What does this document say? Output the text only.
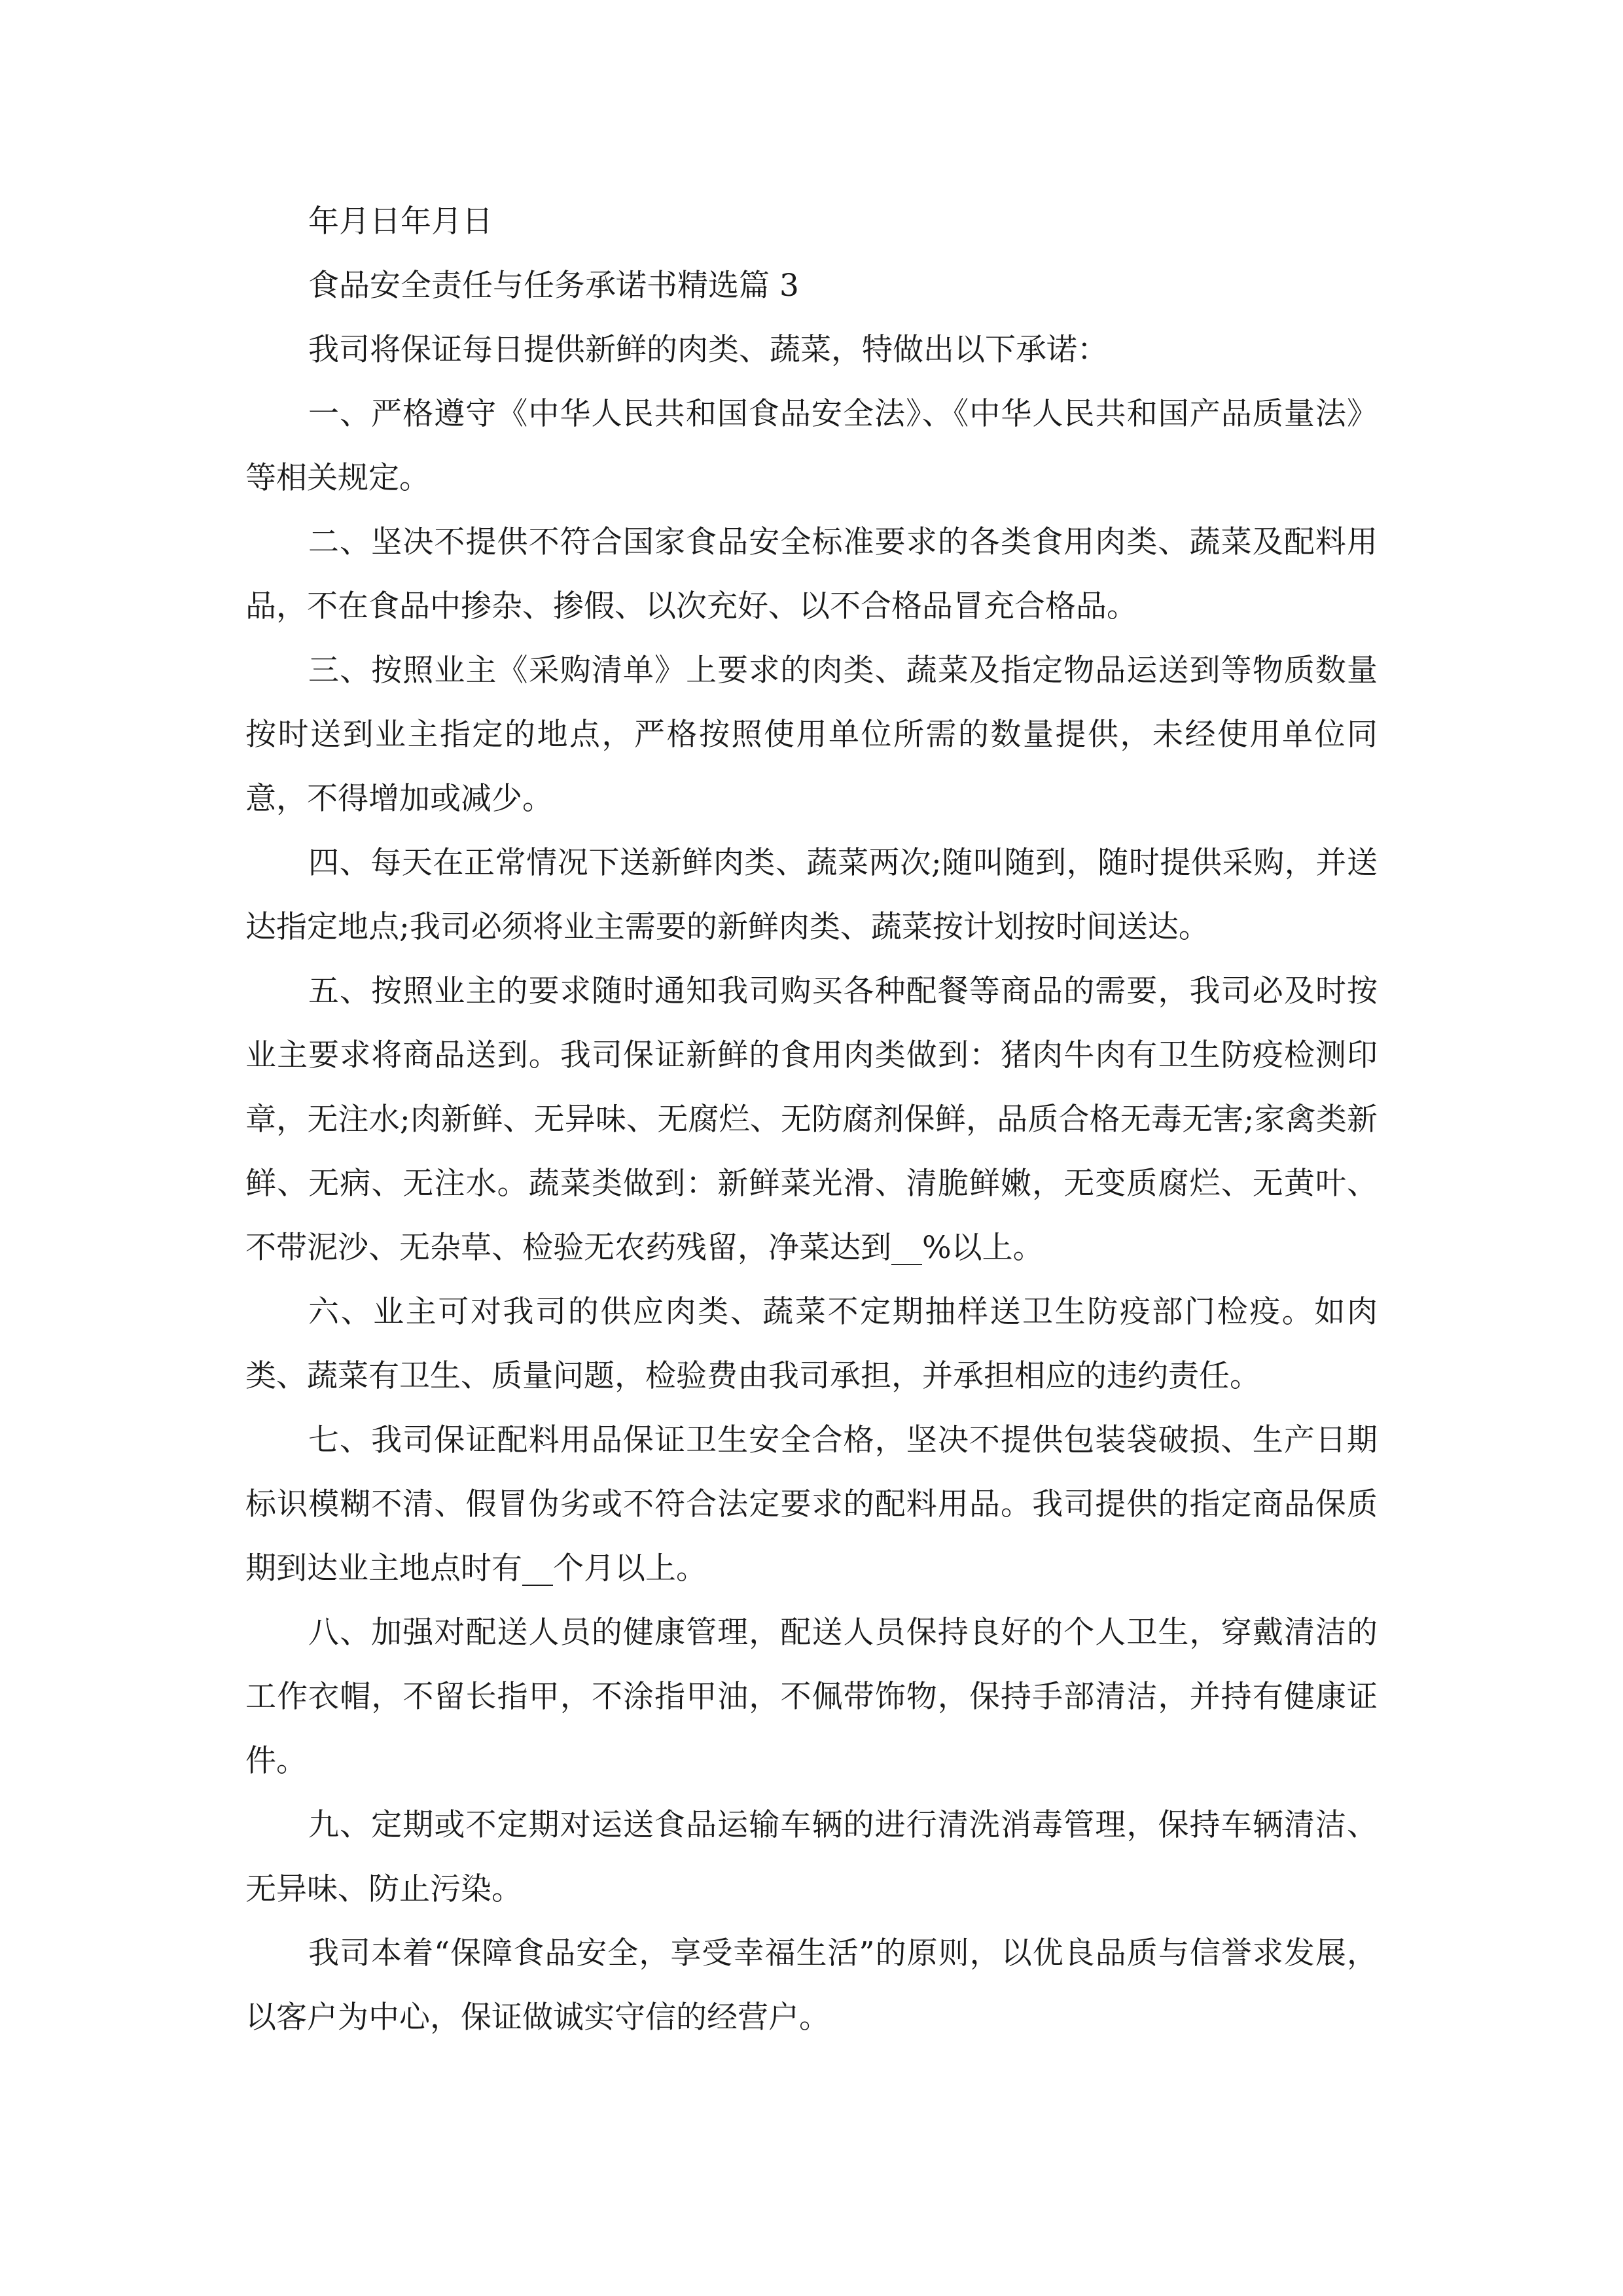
年月日年月日

食品安全责任与任务承诺书精选篇 3

我司将保证每日提供新鲜的肉类、蔬菜，特做出以下承诺：

一、严格遵守《中华人民共和国食品安全法》、《中华人民共和国产品质量法》等相关规定。

二、坚决不提供不符合国家食品安全标准要求的各类食用肉类、蔬菜及配料用品，不在食品中掺杂、掺假、以次充好、以不合格品冒充合格品。

三、按照业主《采购清单》上要求的肉类、蔬菜及指定物品运送到等物质数量按时送到业主指定的地点，严格按照使用单位所需的数量提供，未经使用单位同意，不得增加或减少。

四、每天在正常情况下送新鲜肉类、蔬菜两次;随叫随到，随时提供采购，并送达指定地点;我司必须将业主需要的新鲜肉类、蔬菜按计划按时间送达。

五、按照业主的要求随时通知我司购买各种配餐等商品的需要，我司必及时按业主要求将商品送到。我司保证新鲜的食用肉类做到：猪肉牛肉有卫生防疫检测印章，无注水;肉新鲜、无异味、无腐烂、无防腐剂保鲜，品质合格无毒无害;家禽类新鲜、无病、无注水。蔬菜类做到：新鲜菜光滑、清脆鲜嫩，无变质腐烂、无黄叶、不带泥沙、无杂草、检验无农药残留，净菜达到__%以上。

六、业主可对我司的供应肉类、蔬菜不定期抽样送卫生防疫部门检疫。如肉类、蔬菜有卫生、质量问题，检验费由我司承担，并承担相应的违约责任。

七、我司保证配料用品保证卫生安全合格，坚决不提供包装袋破损、生产日期标识模糊不清、假冒伪劣或不符合法定要求的配料用品。我司提供的指定商品保质期到达业主地点时有__个月以上。

八、加强对配送人员的健康管理，配送人员保持良好的个人卫生，穿戴清洁的工作衣帽，不留长指甲，不涂指甲油，不佩带饰物，保持手部清洁，并持有健康证件。

九、定期或不定期对运送食品运输车辆的进行清洗消毒管理，保持车辆清洁、无异味、防止污染。

我司本着“保障食品安全，享受幸福生活”的原则，以优良品质与信誉求发展，以客户为中心，保证做诚实守信的经营户。
